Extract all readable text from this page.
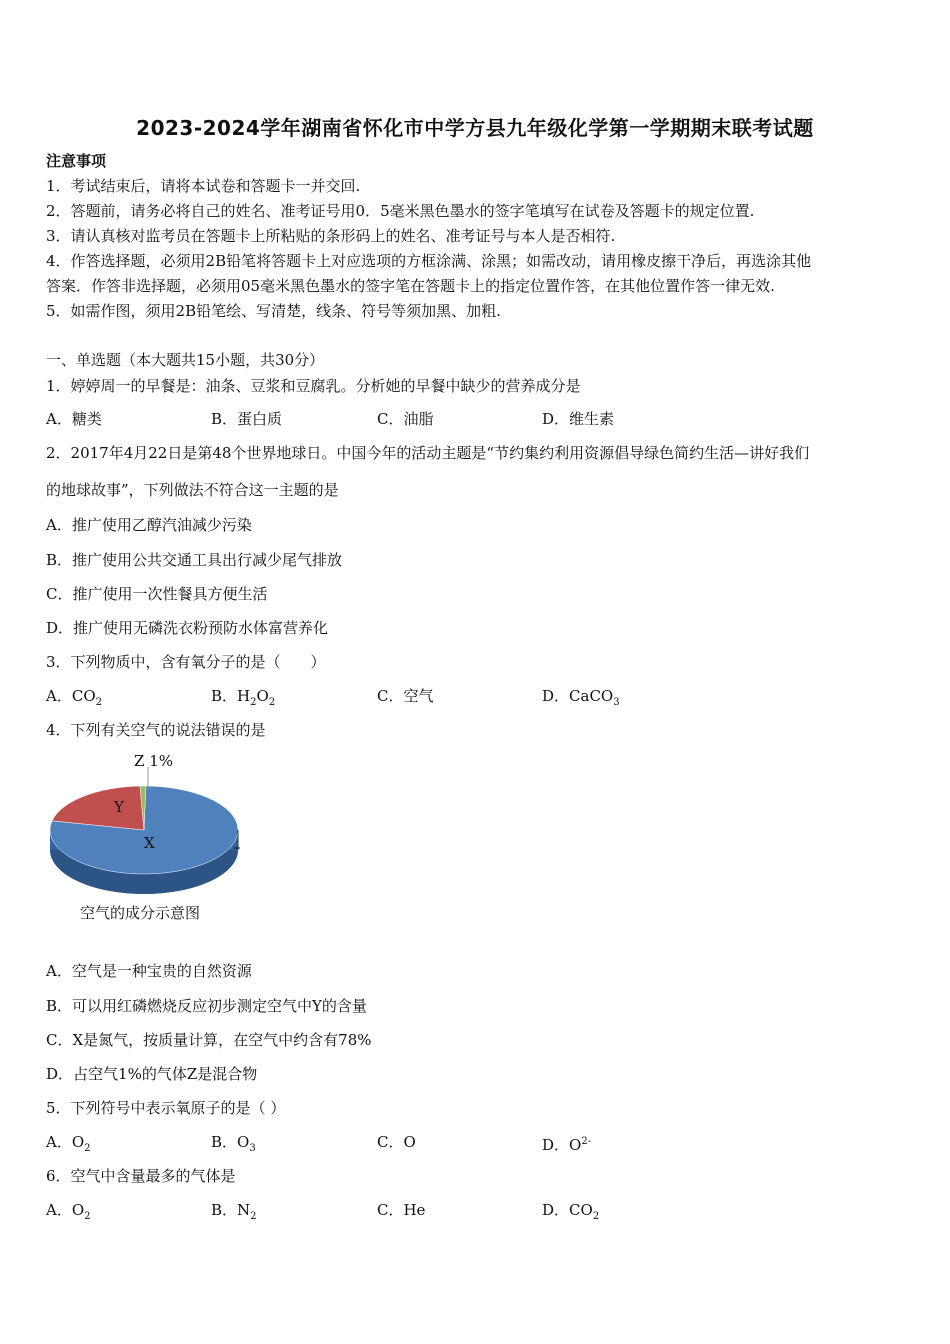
2023-2024学年湖南省怀化市中学方县九年级化学第一学期期末联考试题
注意事项
1．考试结束后，请将本试卷和答题卡一并交回.
2．答题前，请务必将自己的姓名、准考证号用0．5毫米黑色墨水的签字笔填写在试卷及答题卡的规定位置.
3．请认真核对监考员在答题卡上所粘贴的条形码上的姓名、准考证号与本人是否相符.
4．作答选择题，必须用2B铅笔将答题卡上对应选项的方框涂满、涂黑；如需改动，请用橡皮擦干净后，再选涂其他
答案．作答非选择题，必须用05毫米黑色墨水的签字笔在答题卡上的指定位置作答，在其他位置作答一律无效.
5．如需作图，须用2B铅笔绘、写清楚，线条、符号等须加黑、加粗.
一、单选题（本大题共15小题，共30分）
1．婷婷周一的早餐是：油条、豆浆和豆腐乳。分析她的早餐中缺少的营养成分是
A．糖类	B．蛋白质	C．油脂	D．维生素
2．2017年4月22日是第48个世界地球日。中国今年的活动主题是“节约集约利用资源倡导绿色简约生活—讲好我们
的地球故事”，下列做法不符合这一主题的是
A．推广使用乙醇汽油减少污染
B．推广使用公共交通工具出行减少尾气排放
C．推广使用一次性餐具方便生活
D．推广使用无磷洗衣粉预防水体富营养化
3．下列物质中，含有氧分子的是（　　）
A．$CO_2$	B．$H_2O_2$	C．空气	D．CaCO$_3$
4．下列有关空气的说法错误的是
X
Y
Z 1%
空气的成分示意图
A．空气是一种宝贵的自然资源
B．可以用红磷燃烧反应初步测定空气中Y的含量
C．X是氮气，按质量计算，在空气中约含有78%
D．占空气1%的气体Z是混合物
5．下列符号中表示氧原子的是（ ）
A．$O_2$	B．$O_3$	C．O	D．$O^{2-}$
6．空气中含量最多的气体是
A．$O_2$	B．$N_2$	C．He	D．$CO_2$
